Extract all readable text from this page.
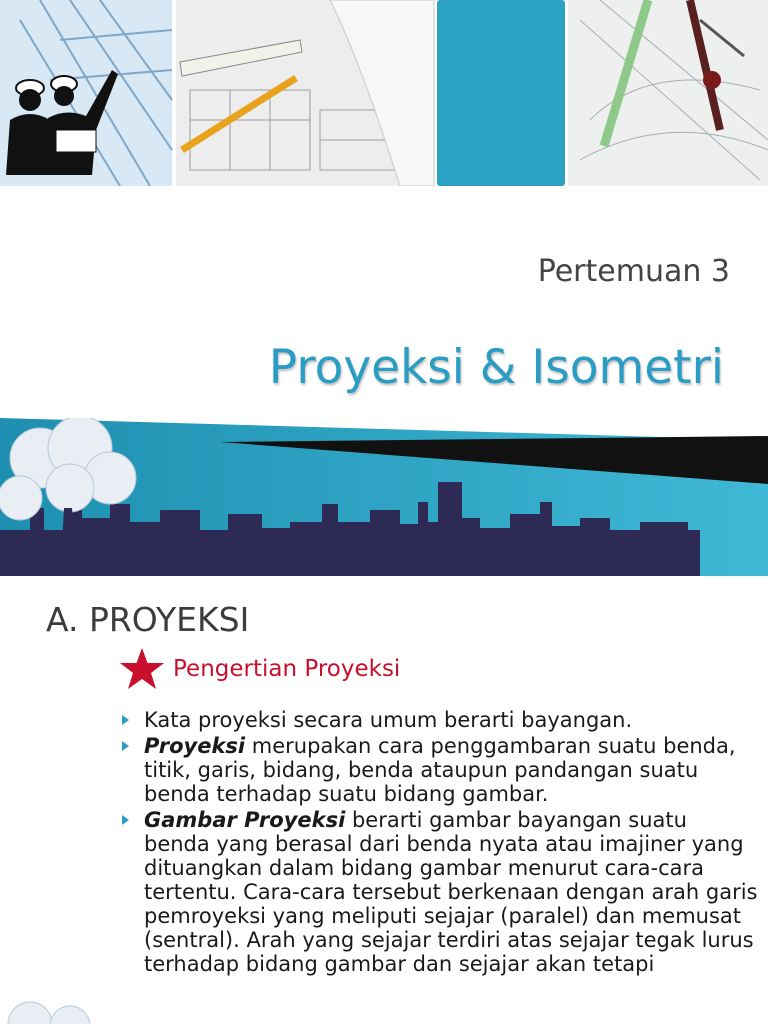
Pertemuan 3
Proyeksi & Isometri
A. PROYEKSI
Pengertian Proyeksi
Kata proyeksi secara umum berarti bayangan.
Proyeksi merupakan cara penggambaran suatu benda, titik, garis, bidang, benda ataupun pandangan suatu benda terhadap suatu bidang gambar.
Gambar Proyeksi berarti gambar bayangan suatu benda yang berasal dari benda nyata atau imajiner yang dituangkan dalam bidang gambar menurut cara-cara tertentu. Cara-cara tersebut berkenaan dengan arah garis pemroyeksi yang meliputi sejajar (paralel) dan memusat (sentral). Arah yang sejajar terdiri atas sejajar tegak lurus terhadap bidang gambar dan sejajar akan tetapi
